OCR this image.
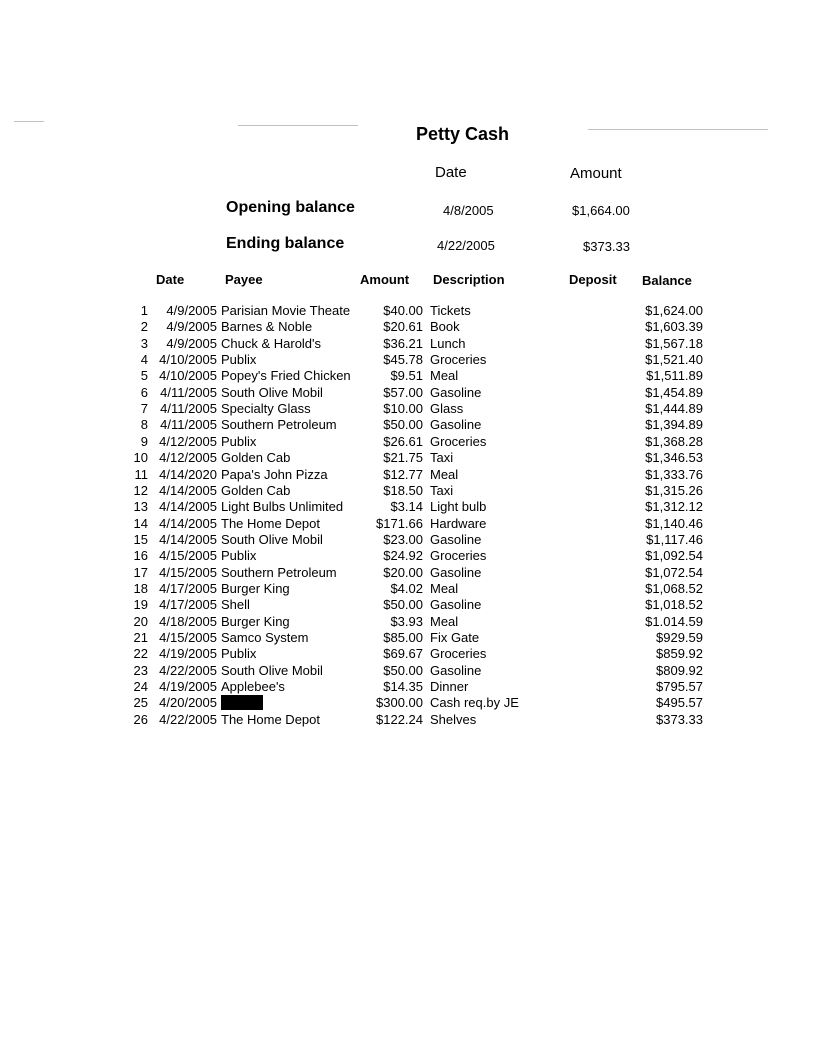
Petty Cash
Date	Amount
Opening balance	4/8/2005	$1,664.00
Ending balance	4/22/2005	$373.33
Date	Payee	Amount Description	Deposit Balance
1 4/9/2005 Parisian Movie Theate	$40.00 Tickets	$1,624.00
2 4/9/2005 Barnes & Noble	$20.61 Book	$1,603.39
3 4/9/2005 Chuck & Harold's	$36.21 Lunch	$1,567.18
4 4/10/2005 Publix	$45.78 Groceries	$1,521.40
5 4/10/2005 Popey's Fried Chicken	$9.51 Meal	$1,511.89
6 4/11/2005 South Olive Mobil	$57.00 Gasoline	$1,454.89
7 4/11/2005 Specialty Glass	$10.00 Glass	$1,444.89
8 4/11/2005 Southern Petroleum	$50.00 Gasoline	$1,394.89
9 4/12/2005 Publix	$26.61 Groceries	$1,368.28
10 4/12/2005 Golden Cab	$21.75 Taxi	$1,346.53
11 4/14/2020 Papa's John Pizza	$12.77 Meal	$1,333.76
12 4/14/2005 Golden Cab	$18.50 Taxi	$1,315.26
13 4/14/2005 Light Bulbs Unlimited	$3.14 Light bulb	$1,312.12
14 4/14/2005 The Home Depot	$171.66 Hardware	$1,140.46
15 4/14/2005 South Olive Mobil	$23.00 Gasoline	$1,117.46
16 4/15/2005 Publix	$24.92 Groceries	$1,092.54
17 4/15/2005 Southern Petroleum	$20.00 Gasoline	$1,072.54
18 4/17/2005 Burger King	$4.02 Meal	$1,068.52
19 4/17/2005 Shell	$50.00 Gasoline	$1,018.52
20 4/18/2005 Burger King	$3.93 Meal	$1.014.59
21 4/15/2005 Samco System	$85.00 Fix Gate	$929.59
22 4/19/2005 Publix	$69.67 Groceries	$859.92
23 4/22/2005 South Olive Mobil	$50.00 Gasoline	$809.92
24 4/19/2005 Applebee's	$14.35 Dinner	$795.57
25 4/20/2005	$300.00 Cash req.by JE	$495.57
26 4/22/2005 The Home Depot	$122.24 Shelves	$373.33
